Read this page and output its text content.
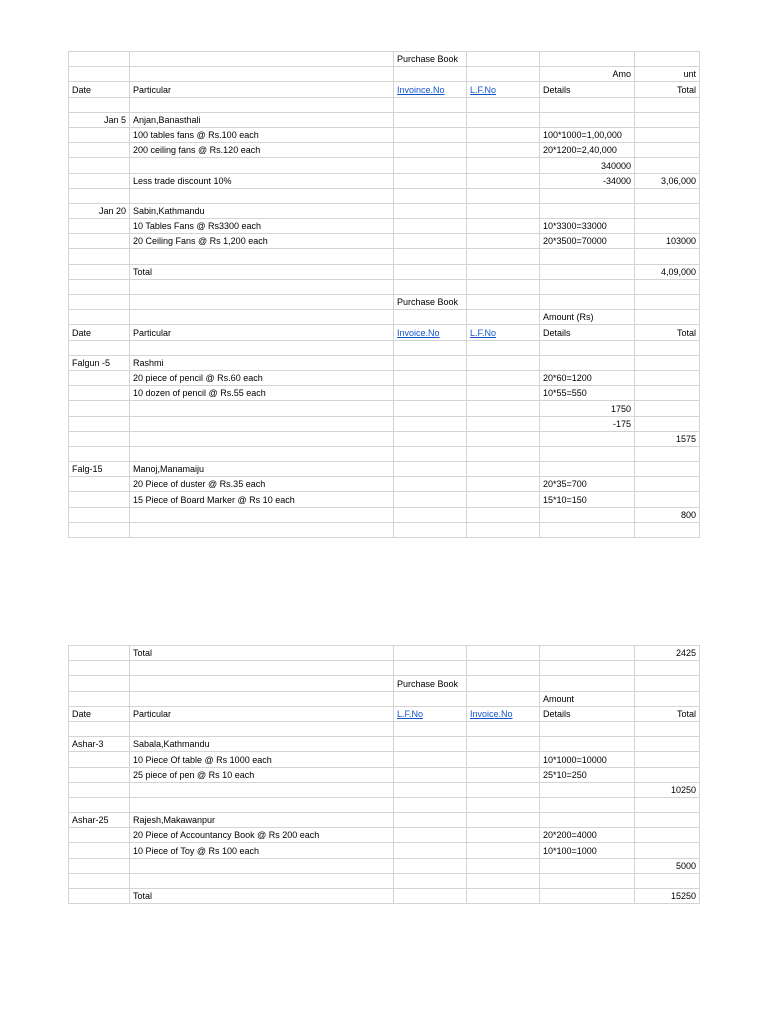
		Purchase Book			
				Amo	unt
Date	Particular	Invoince.No	L.F.No	Details	Total

Jan 5	Anjan,Banasthali				
	100 tables fans @ Rs.100 each			100*1000=1,00,000	
	200 ceiling fans @ Rs.120 each			20*1200=2,40,000	
				340000	
	Less trade discount 10%			-34000	3,06,000

Jan 20	Sabin,Kathmandu				
	10 Tables Fans @ Rs3300 each			10*3300=33000	
	20 Ceiling Fans @ Rs 1,200 each			20*3500=70000	103000

	Total				4,09,000

		Purchase Book			
				Amount (Rs)	
Date	Particular	Invoice.No	L.F.No	Details	Total

Falgun -5	Rashmi				
	20 piece of pencil @ Rs.60 each			20*60=1200	
	10 dozen of pencil @ Rs.55 each			10*55=550	
				1750	
				-175	
					1575

Falg-15	Manoj,Manamaiju				
	20 Piece of duster @ Rs.35 each			20*35=700	
	15 Piece of Board Marker @ Rs 10 each			15*10=150	
					800

	Total				2425

		Purchase Book			
				Amount	
Date	Particular	L.F.No	Invoice.No	Details	Total

Ashar-3	Sabala,Kathmandu				
	10 Piece Of table @ Rs 1000 each			10*1000=10000	
	25 piece of pen @ Rs 10 each			25*10=250	
					10250

Ashar-25	Rajesh,Makawanpur				
	20 Piece of Accountancy Book @ Rs 200 each			20*200=4000	
	10 Piece of Toy @ Rs 100 each			10*100=1000	
					5000

	Total				15250
